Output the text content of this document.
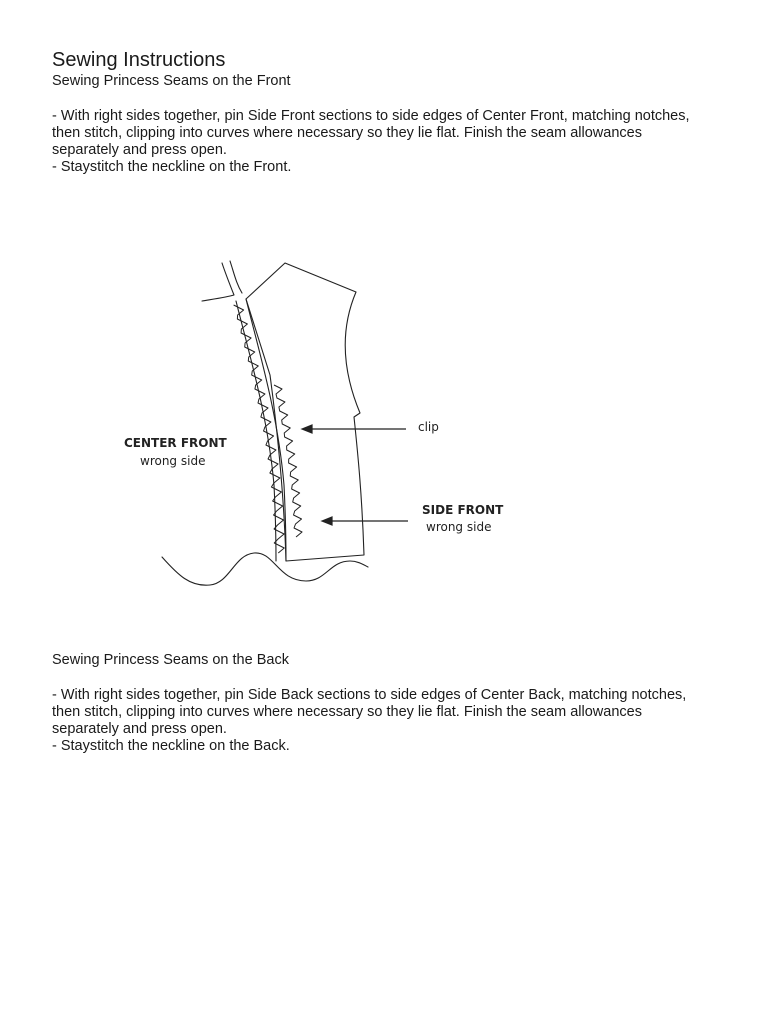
Sewing Instructions

Sewing Princess Seams on the Front

- With right sides together, pin Side Front sections to side edges of Center Front, matching notches, then stitch, clipping into curves where necessary so they lie flat. Finish the seam allowances separately and press open.

- Staystitch the neckline on the Front.

CENTER FRONT
wrong side
clip
SIDE FRONT
wrong side

Sewing Princess Seams on the Back

- With right sides together, pin Side Back sections to side edges of Center Back, matching notches, then stitch, clipping into curves where necessary so they lie flat. Finish the seam allowances separately and press open.

- Staystitch the neckline on the Back.
